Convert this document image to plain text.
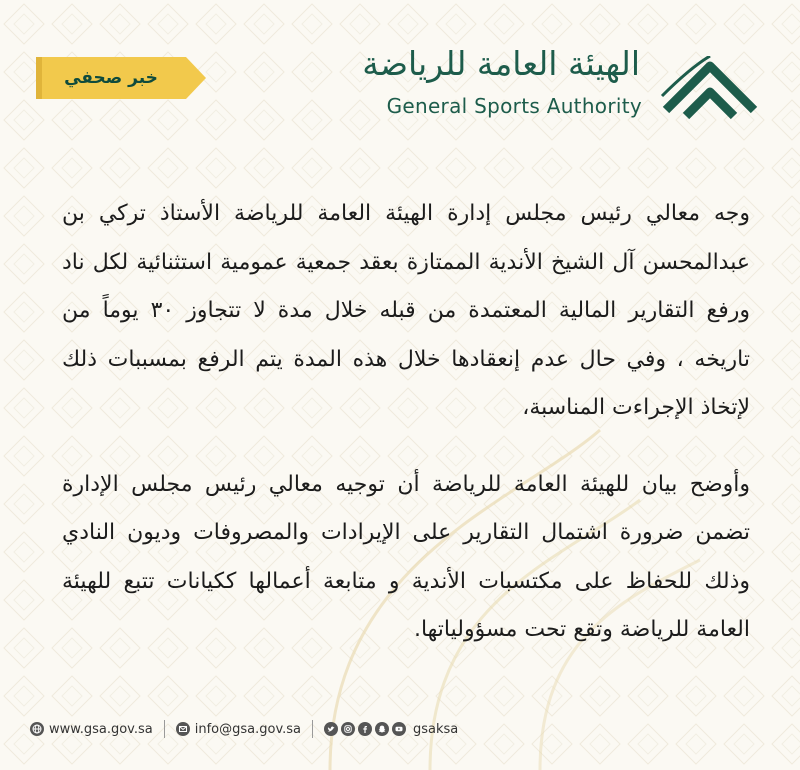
خبر صحفي	الهيئة العامة للرياضة
General Sports Authority

وجه معالي رئيس مجلس إدارة الهيئة العامة للرياضة الأستاذ تركي بن عبدالمحسن آل الشيخ الأندية الممتازة بعقد جمعية عمومية استثنائية لكل ناد ورفع التقارير المالية المعتمدة من قبله خلال مدة لا تتجاوز ٣٠ يوماً من تاريخه ، وفي حال عدم إنعقادها خلال هذه المدة يتم الرفع بمسببات ذلك لإتخاذ الإجراءت المناسبة،

وأوضح بيان للهيئة العامة للرياضة أن توجيه معالي رئيس مجلس الإدارة تضمن ضرورة اشتمال التقارير على الإيرادات والمصروفات وديون النادي وذلك للحفاظ على مكتسبات الأندية و متابعة أعمالها ككيانات تتبع للهيئة العامة للرياضة وتقع تحت مسؤولياتها.

www.gsa.gov.sa	info@gsa.gov.sa	gsaksa
